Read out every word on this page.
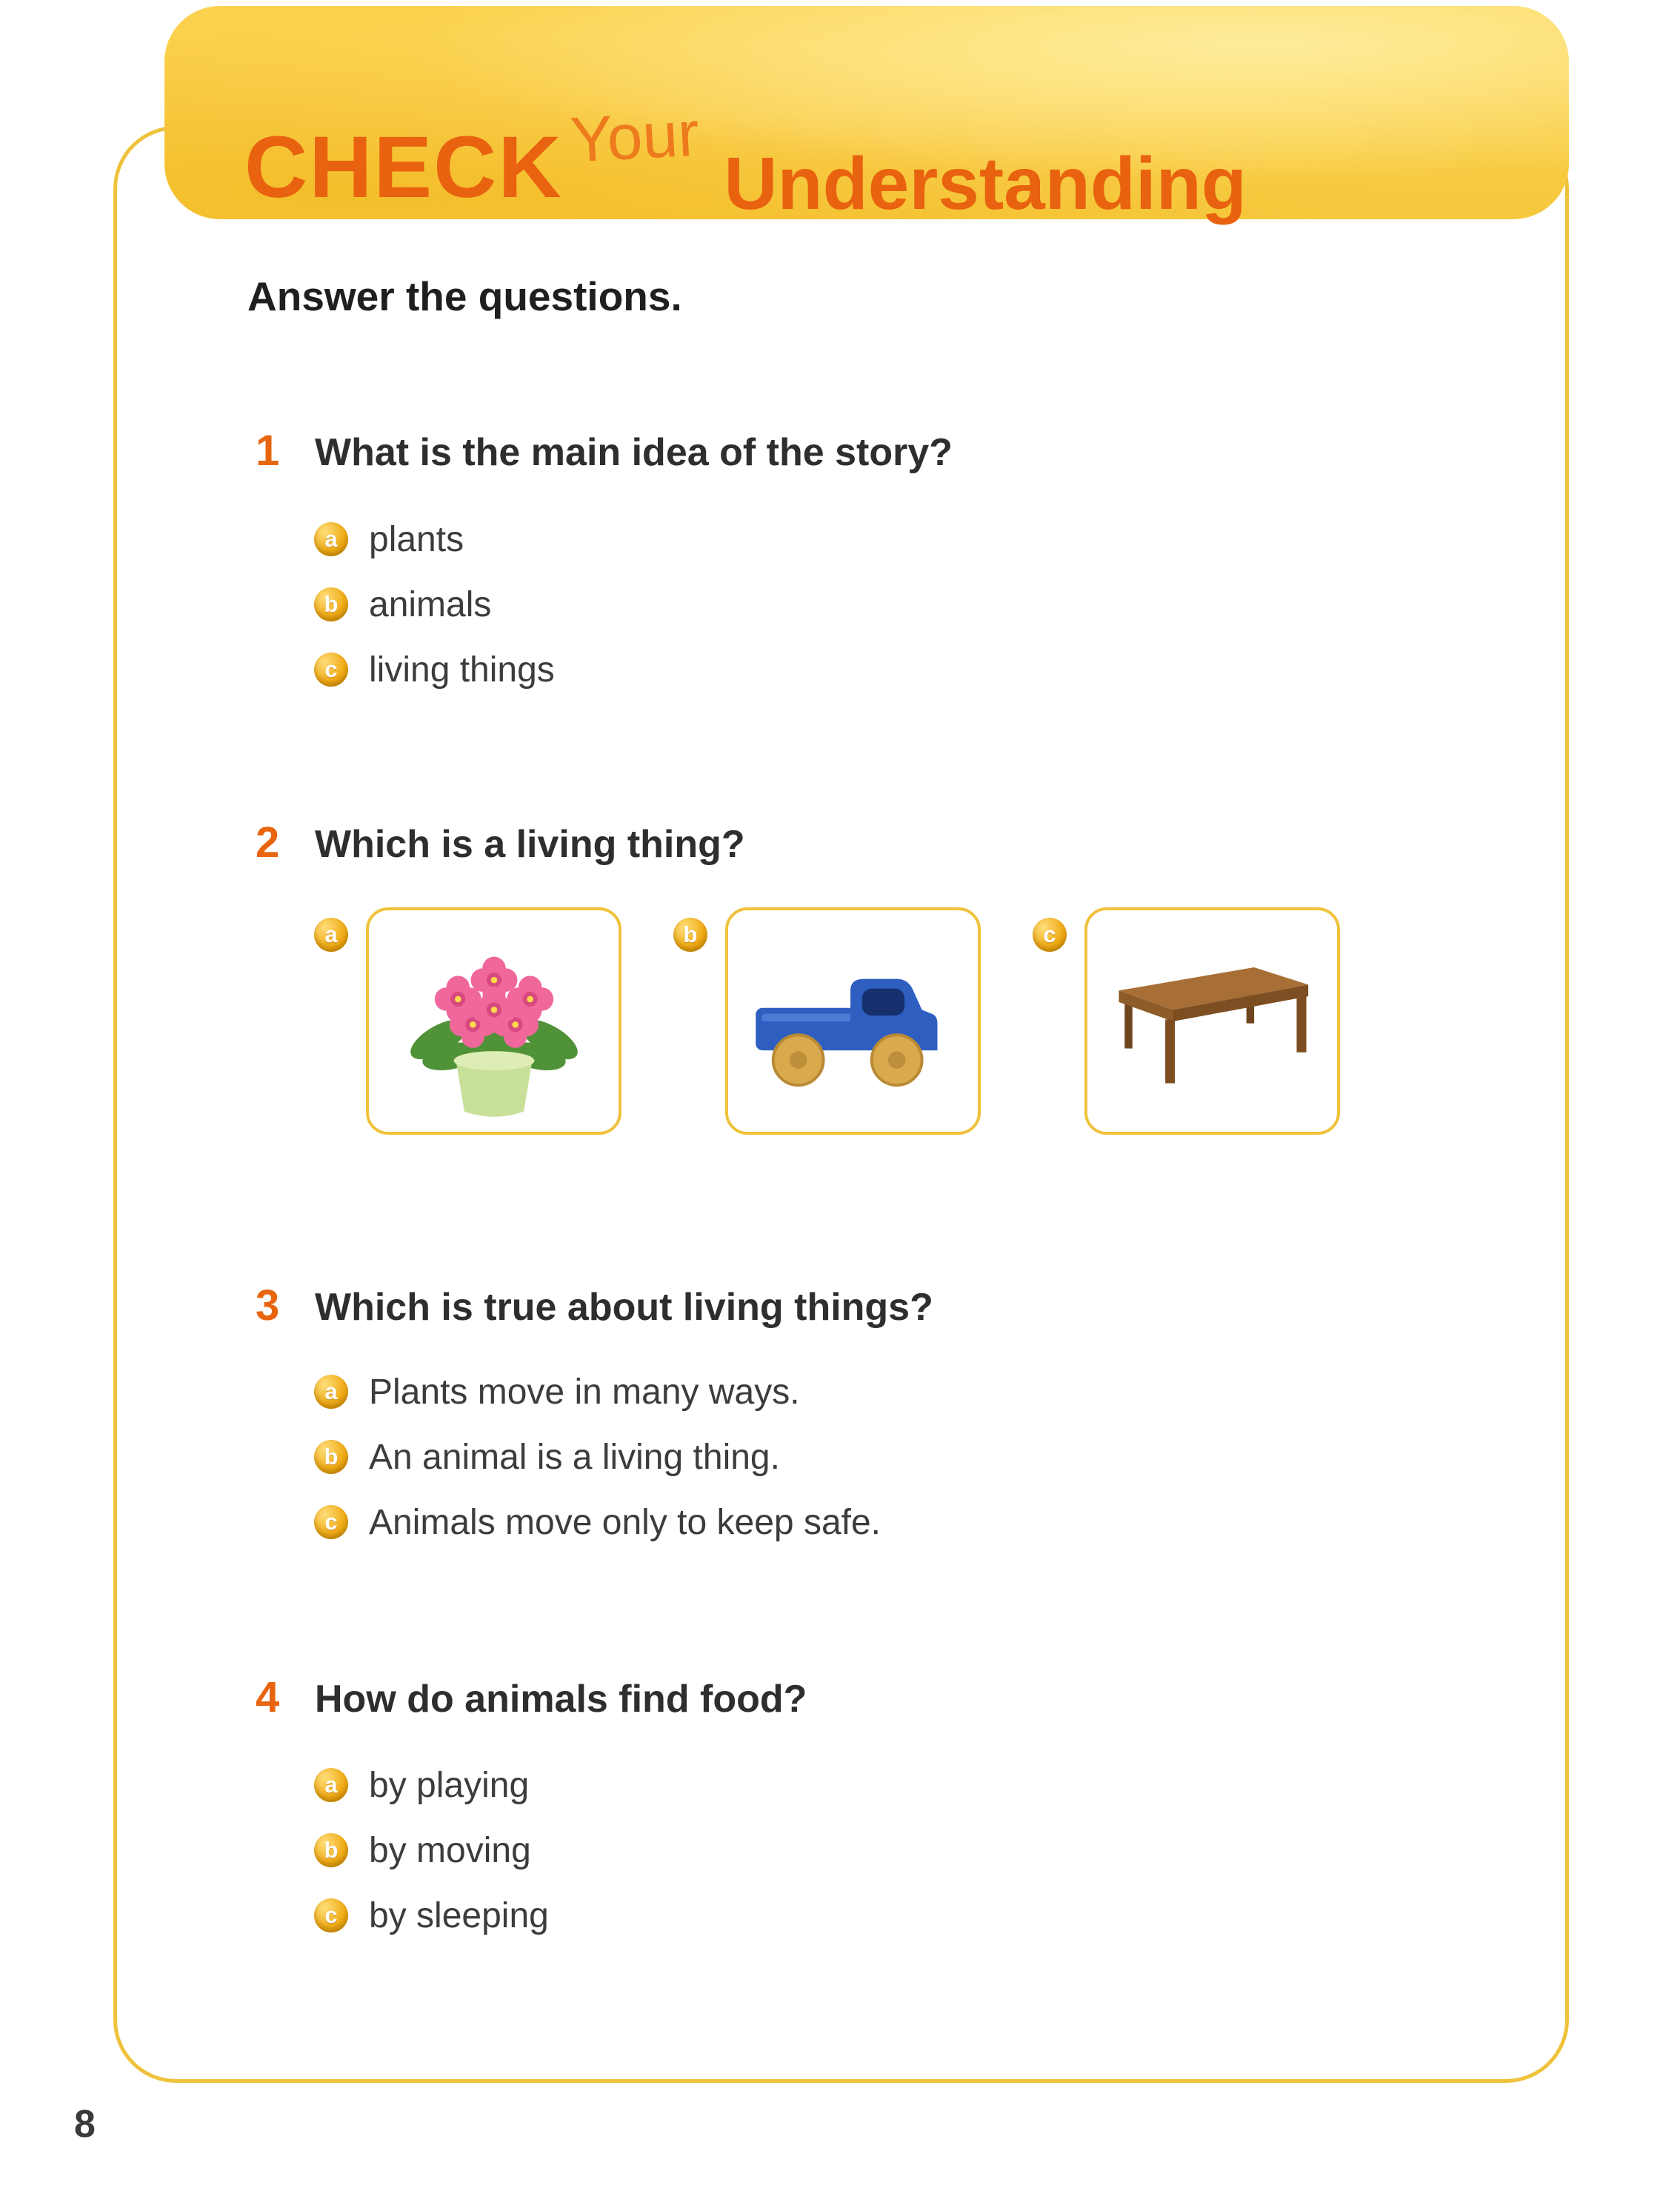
CHECK Your
Understanding
Answer the questions.
1 What is the main idea of the story?
a plants
b animals
c living things
2 Which is a living thing?
a	b	c
3 Which is true about living things?
a Plants move in many ways.
b An animal is a living thing.
c Animals move only to keep safe.
4 How do animals find food?
a by playing
b by moving
c by sleeping
8
